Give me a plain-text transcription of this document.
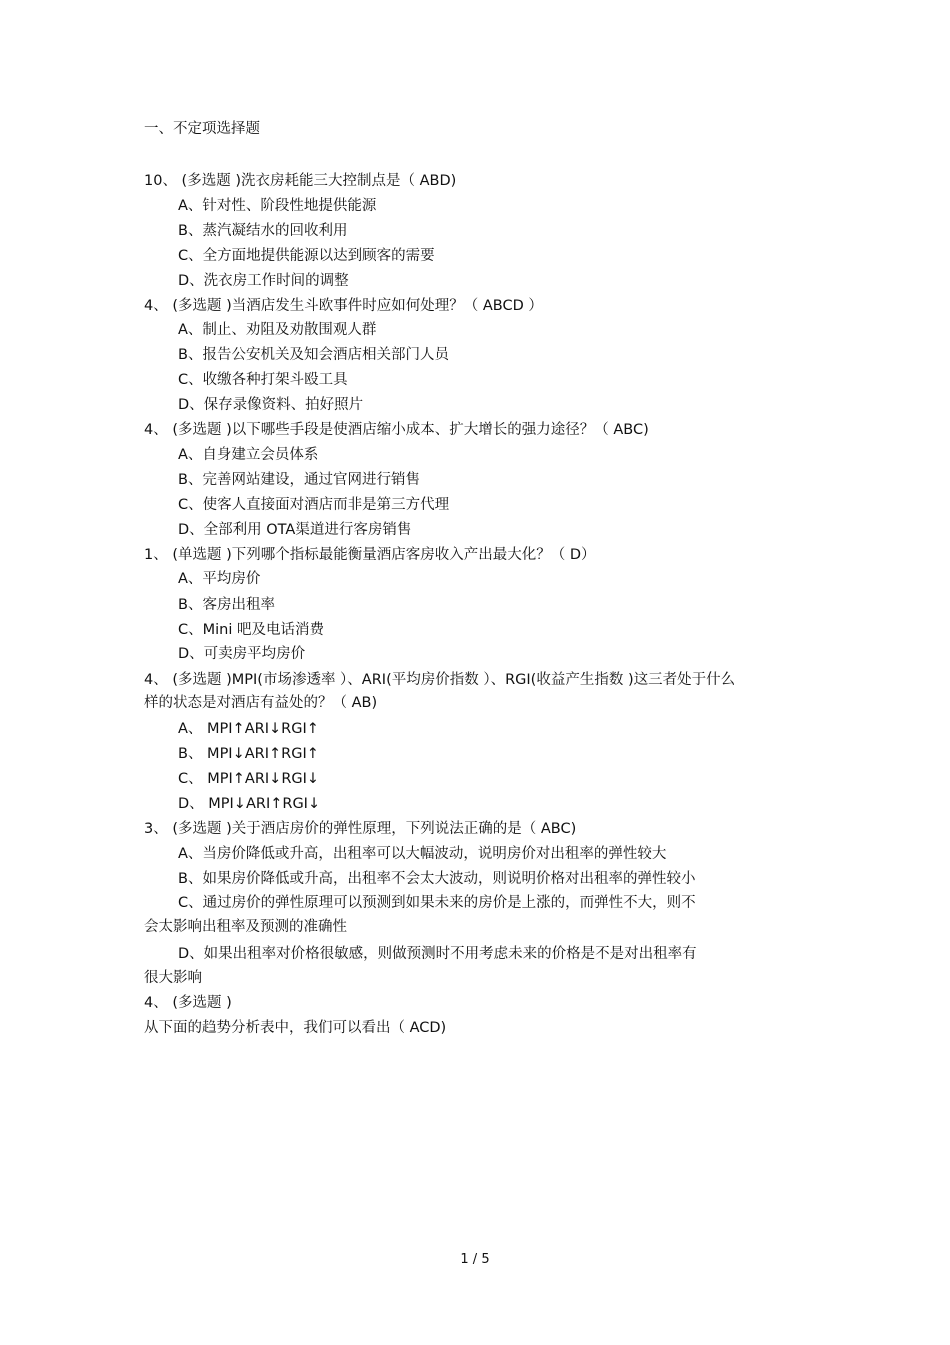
一、不定项选择题
10、 (多选题 )洗衣房耗能三大控制点是（ ABD)
A、针对性、阶段性地提供能源
B、蒸汽凝结水的回收利用
C、全方面地提供能源以达到顾客的需要
D、洗衣房工作时间的调整
4、 (多选题 )当酒店发生斗欧事件时应如何处理？（ ABCD ）
A、制止、劝阻及劝散围观人群
B、报告公安机关及知会酒店相关部门人员
C、收缴各种打架斗殴工具
D、保存录像资料、拍好照片
4、 (多选题 )以下哪些手段是使酒店缩小成本、扩大增长的强力途径？（ ABC)
A、自身建立会员体系
B、完善网站建设，通过官网进行销售
C、使客人直接面对酒店而非是第三方代理
D、全部利用 OTA渠道进行客房销售
1、 (单选题 )下列哪个指标最能衡量酒店客房收入产出最大化？（ D）
A、平均房价
B、客房出租率
C、Mini 吧及电话消费
D、可卖房平均房价
4、 (多选题 )MPI(市场渗透率 ）、ARI(平均房价指数 ）、RGI(收益产生指数 )这三者处于什么
样的状态是对酒店有益处的？（ AB)
A、 MPI↑ARI↓RGI↑
B、 MPI↓ARI↑RGI↑
C、 MPI↑ARI↓RGI↓
D、 MPI↓ARI↑RGI↓
3、 (多选题 )关于酒店房价的弹性原理，下列说法正确的是（ ABC)
A、当房价降低或升高，出租率可以大幅波动，说明房价对出租率的弹性较大
B、如果房价降低或升高，出租率不会太大波动，则说明价格对出租率的弹性较小
C、通过房价的弹性原理可以预测到如果未来的房价是上涨的，而弹性不大，则不
会太影响出租率及预测的准确性
D、如果出租率对价格很敏感，则做预测时不用考虑未来的价格是不是对出租率有
很大影响
4、 (多选题 )
从下面的趋势分析表中，我们可以看出（ ACD)
1 / 5
